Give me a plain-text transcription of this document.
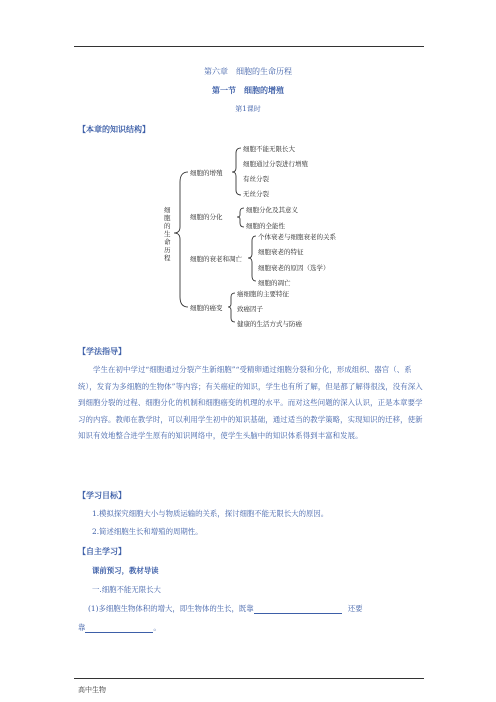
第六章　细胞的生命历程
第一节　细胞的增殖
第1课时
【本章的知识结构】
细
胞
的
生
命
历
程
细胞的增殖
细胞不能无限长大
细胞通过分裂进行增殖
有丝分裂
无丝分裂
细胞的分化
细胞分化及其意义
细胞的全能性
细胞的衰老和凋亡
个体衰老与细胞衰老的关系
细胞衰老的特征
细胞衰老的原因（选学）
细胞的凋亡
细胞的癌变
癌细胞的主要特征
致癌因子
健康的生活方式与防癌
【学法指导】
学生在初中学过“细胞通过分裂产生新细胞”“受精卵通过细胞分裂和分化，形成组织、器官（、系统），发育为多细胞的生物体”等内容；有关癌症的知识，学生也有所了解，但是都了解得很浅，没有深入到细胞分裂的过程、细胞分化的机制和细胞癌变的机理的水平。而对这些问题的深入认识，正是本章要学习的内容。教师在教学时，可以利用学生初中的知识基础，通过适当的教学策略，实现知识的迁移，使新知识有效地整合进学生原有的知识网络中，使学生头脑中的知识体系得到丰富和发展。
【学习目标】
1.模拟探究细胞大小与物质运输的关系，探讨细胞不能无限长大的原因。
2.简述细胞生长和增殖的周期性。
【自主学习】
课前预习，教材导读
一.细胞不能无限长大
(1)多细胞生物体积的增大，即生物体的生长，既靠	还要
靠	。
高中生物
